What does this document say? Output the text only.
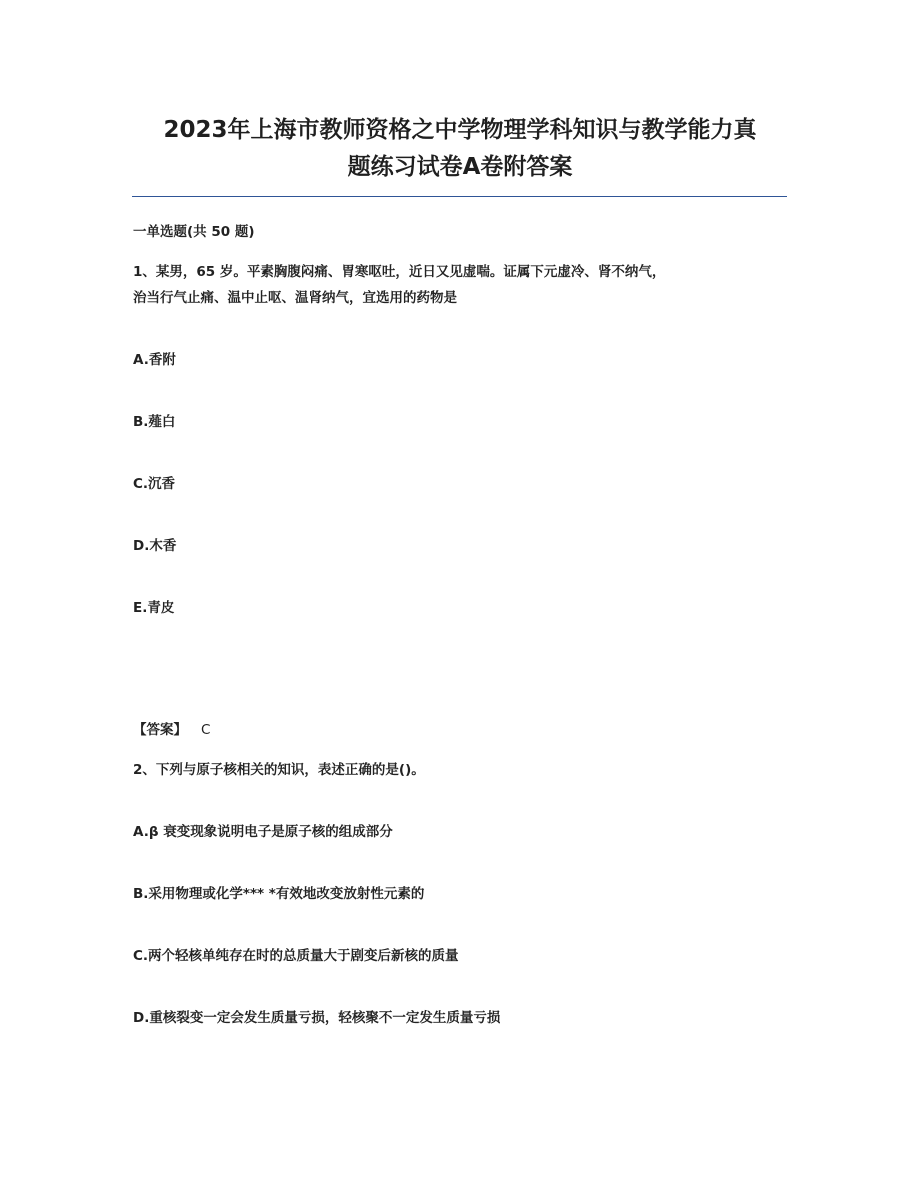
2023年上海市教师资格之中学物理学科知识与教学能力真
题练习试卷A卷附答案
一单选题(共 50 题)
1、某男，65 岁。平素胸腹闷痛、胃寒呕吐，近日又见虚喘。证属下元虚冷、肾不纳气，
治当行气止痛、温中止呕、温肾纳气，宜选用的药物是
A.香附
B.薤白
C.沉香
D.木香
E.青皮
【答案】 C
2、下列与原子核相关的知识，表述正确的是()。
A.β 衰变现象说明电子是原子核的组成部分
B.采用物理或化学*** *有效地改变放射性元素的
C.两个轻核单纯存在时的总质量大于剧变后新核的质量
D.重核裂变一定会发生质量亏损，轻核聚不一定发生质量亏损
